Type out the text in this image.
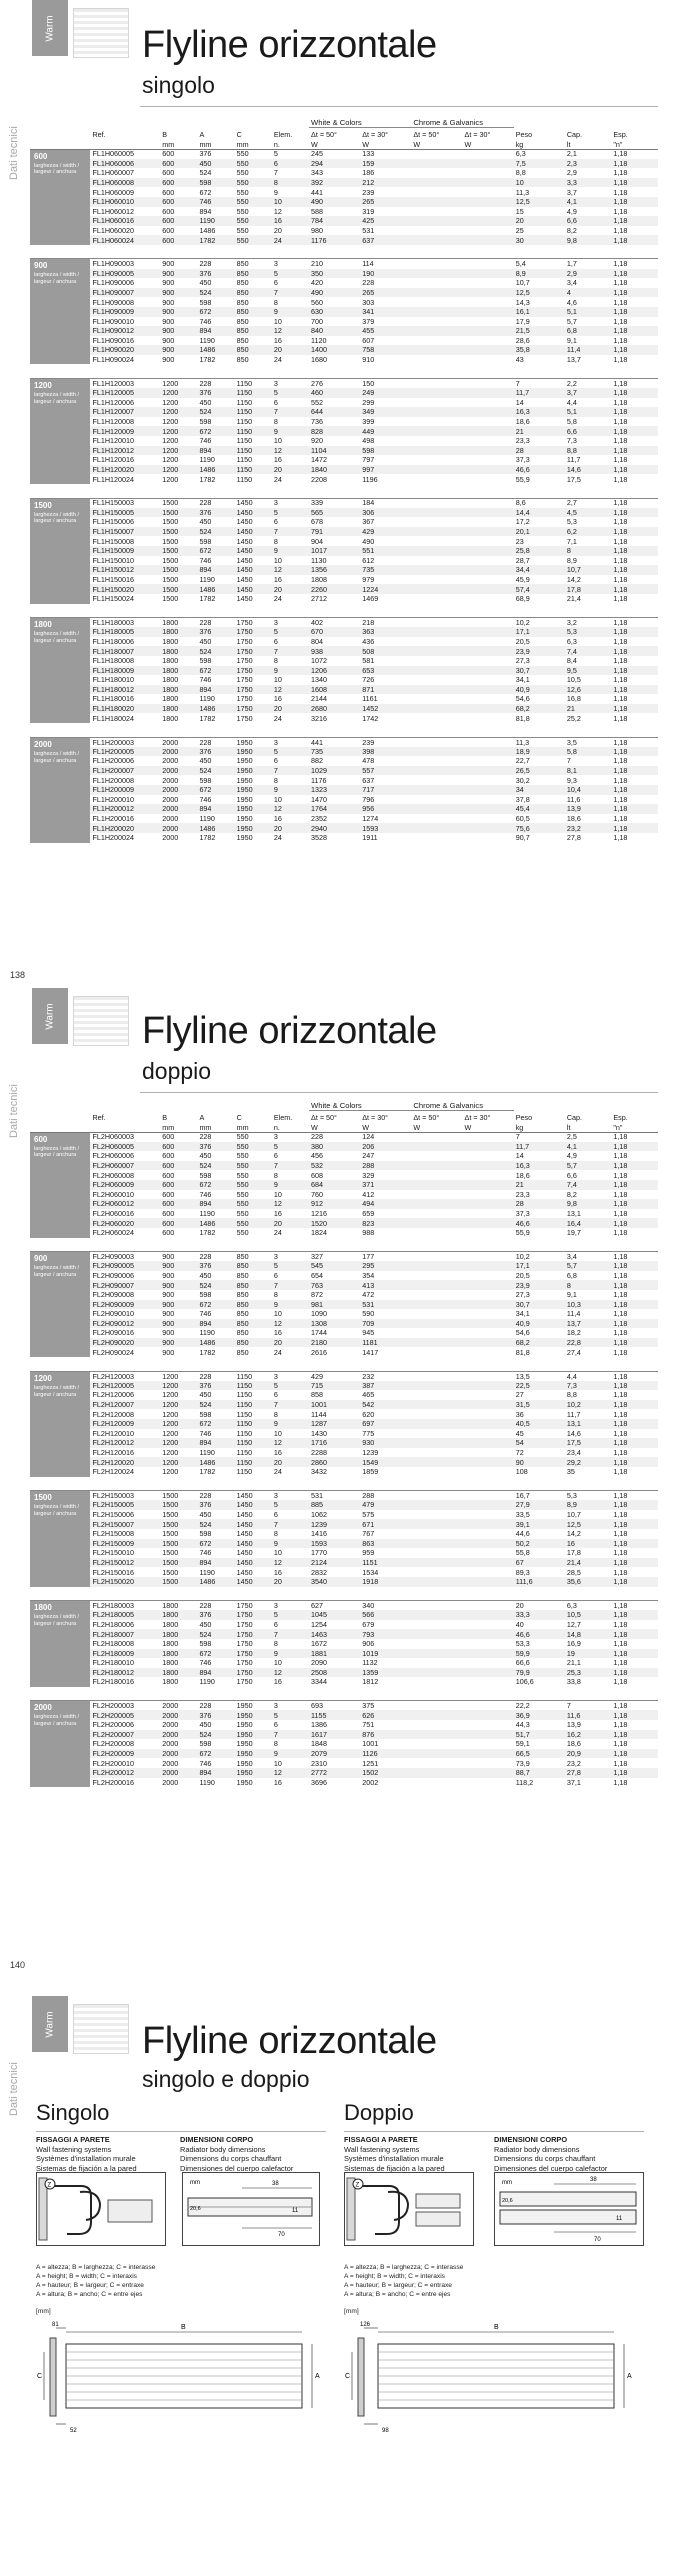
Warm
Dati tecnici
Flyline orizzontale
singolo
						White & Colors		Chrome & Galvanics				
	Ref.	B	A	C	Elem.	Δt = 50°	Δt = 30°	Δt = 50°	Δt = 30°	Peso	Cap.	Esp.
		mm	mm	mm	n.	W	W	W	W	kg	lt	"n"

600
larghezza / width / largeur / anchura	FL1H060005	600	376	550	5	245	133			6,3	2,1	1,18
	FL1H060006	600	450	550	6	294	159			7,5	2,3	1,18
	FL1H060007	600	524	550	7	343	186			8,8	2,9	1,18
	FL1H060008	600	598	550	8	392	212			10	3,3	1,18
	FL1H060009	600	672	550	9	441	239			11,3	3,7	1,18
	FL1H060010	600	746	550	10	490	265			12,5	4,1	1,18
	FL1H060012	600	894	550	12	588	319			15	4,9	1,18
	FL1H060016	600	1190	550	16	784	425			20	6,6	1,18
	FL1H060020	600	1486	550	20	980	531			25	8,2	1,18
	FL1H060024	600	1782	550	24	1176	637			30	9,8	1,18

900
larghezza / width / largeur / anchura	FL1H090003	900	228	850	3	210	114			5,4	1,7	1,18
	FL1H090005	900	376	850	5	350	190			8,9	2,9	1,18
	FL1H090006	900	450	850	6	420	228			10,7	3,4	1,18
	FL1H090007	900	524	850	7	490	265			12,5	4	1,18
	FL1H090008	900	598	850	8	560	303			14,3	4,6	1,18
	FL1H090009	900	672	850	9	630	341			16,1	5,1	1,18
	FL1H090010	900	746	850	10	700	379			17,9	5,7	1,18
	FL1H090012	900	894	850	12	840	455			21,5	6,8	1,18
	FL1H090016	900	1190	850	16	1120	607			28,6	9,1	1,18
	FL1H090020	900	1486	850	20	1400	758			35,8	11,4	1,18
	FL1H090024	900	1782	850	24	1680	910			43	13,7	1,18

1200
larghezza / width / largeur / anchura	FL1H120003	1200	228	1150	3	276	150			7	2,2	1,18
	FL1H120005	1200	376	1150	5	460	249			11,7	3,7	1,18
	FL1H120006	1200	450	1150	6	552	299			14	4,4	1,18
	FL1H120007	1200	524	1150	7	644	349			16,3	5,1	1,18
	FL1H120008	1200	598	1150	8	736	399			18,6	5,8	1,18
	FL1H120009	1200	672	1150	9	828	449			21	6,6	1,18
	FL1H120010	1200	746	1150	10	920	498			23,3	7,3	1,18
	FL1H120012	1200	894	1150	12	1104	598			28	8,8	1,18
	FL1H120016	1200	1190	1150	16	1472	797			37,3	11,7	1,18
	FL1H120020	1200	1486	1150	20	1840	997			46,6	14,6	1,18
	FL1H120024	1200	1782	1150	24	2208	1196			55,9	17,5	1,18

1500
larghezza / width / largeur / anchura	FL1H150003	1500	228	1450	3	339	184			8,6	2,7	1,18
	FL1H150005	1500	376	1450	5	565	306			14,4	4,5	1,18
	FL1H150006	1500	450	1450	6	678	367			17,2	5,3	1,18
	FL1H150007	1500	524	1450	7	791	429			20,1	6,2	1,18
	FL1H150008	1500	598	1450	8	904	490			23	7,1	1,18
	FL1H150009	1500	672	1450	9	1017	551			25,8	8	1,18
	FL1H150010	1500	746	1450	10	1130	612			28,7	8,9	1,18
	FL1H150012	1500	894	1450	12	1356	735			34,4	10,7	1,18
	FL1H150016	1500	1190	1450	16	1808	979			45,9	14,2	1,18
	FL1H150020	1500	1486	1450	20	2260	1224			57,4	17,8	1,18
	FL1H150024	1500	1782	1450	24	2712	1469			68,9	21,4	1,18

1800
larghezza / width / largeur / anchura	FL1H180003	1800	228	1750	3	402	218			10,2	3,2	1,18
	FL1H180005	1800	376	1750	5	670	363			17,1	5,3	1,18
	FL1H180006	1800	450	1750	6	804	436			20,5	6,3	1,18
	FL1H180007	1800	524	1750	7	938	508			23,9	7,4	1,18
	FL1H180008	1800	598	1750	8	1072	581			27,3	8,4	1,18
	FL1H180009	1800	672	1750	9	1206	653			30,7	9,5	1,18
	FL1H180010	1800	746	1750	10	1340	726			34,1	10,5	1,18
	FL1H180012	1800	894	1750	12	1608	871			40,9	12,6	1,18
	FL1H180016	1800	1190	1750	16	2144	1161			54,6	16,8	1,18
	FL1H180020	1800	1486	1750	20	2680	1452			68,2	21	1,18
	FL1H180024	1800	1782	1750	24	3216	1742			81,8	25,2	1,18

2000
larghezza / width / largeur / anchura	FL1H200003	2000	228	1950	3	441	239			11,3	3,5	1,18
	FL1H200005	2000	376	1950	5	735	398			18,9	5,8	1,18
	FL1H200006	2000	450	1950	6	882	478			22,7	7	1,18
	FL1H200007	2000	524	1950	7	1029	557			26,5	8,1	1,18
	FL1H200008	2000	598	1950	8	1176	637			30,2	9,3	1,18
	FL1H200009	2000	672	1950	9	1323	717			34	10,4	1,18
	FL1H200010	2000	746	1950	10	1470	796			37,8	11,6	1,18
	FL1H200012	2000	894	1950	12	1764	956			45,4	13,9	1,18
	FL1H200016	2000	1190	1950	16	2352	1274			60,5	18,6	1,18
	FL1H200020	2000	1486	1950	20	2940	1593			75,6	23,2	1,18
	FL1H200024	2000	1782	1950	24	3528	1911			90,7	27,8	1,18
138
Warm
Dati tecnici
Flyline orizzontale
doppio
						White & Colors		Chrome & Galvanics				
	Ref.	B	A	C	Elem.	Δt = 50°	Δt = 30°	Δt = 50°	Δt = 30°	Peso	Cap.	Esp.
		mm	mm	mm	n.	W	W	W	W	kg	lt	"n"

600
larghezza / width / largeur / anchura	FL2H060003	600	228	550	3	228	124			7	2,5	1,18
	FL2H060005	600	376	550	5	380	206			11,7	4,1	1,18
	FL2H060006	600	450	550	6	456	247			14	4,9	1,18
	FL2H060007	600	524	550	7	532	288			16,3	5,7	1,18
	FL2H060008	600	598	550	8	608	329			18,6	6,6	1,18
	FL2H060009	600	672	550	9	684	371			21	7,4	1,18
	FL2H060010	600	746	550	10	760	412			23,3	8,2	1,18
	FL2H060012	600	894	550	12	912	494			28	9,8	1,18
	FL2H060016	600	1190	550	16	1216	659			37,3	13,1	1,18
	FL2H060020	600	1486	550	20	1520	823			46,6	16,4	1,18
	FL2H060024	600	1782	550	24	1824	988			55,9	19,7	1,18

900
larghezza / width / largeur / anchura	FL2H090003	900	228	850	3	327	177			10,2	3,4	1,18
	FL2H090005	900	376	850	5	545	295			17,1	5,7	1,18
	FL2H090006	900	450	850	6	654	354			20,5	6,8	1,18
	FL2H090007	900	524	850	7	763	413			23,9	8	1,18
	FL2H090008	900	598	850	8	872	472			27,3	9,1	1,18
	FL2H090009	900	672	850	9	981	531			30,7	10,3	1,18
	FL2H090010	900	746	850	10	1090	590			34,1	11,4	1,18
	FL2H090012	900	894	850	12	1308	709			40,9	13,7	1,18
	FL2H090016	900	1190	850	16	1744	945			54,6	18,2	1,18
	FL2H090020	900	1486	850	20	2180	1181			68,2	22,8	1,18
	FL2H090024	900	1782	850	24	2616	1417			81,8	27,4	1,18

1200
larghezza / width / largeur / anchura	FL2H120003	1200	228	1150	3	429	232			13,5	4,4	1,18
	FL2H120005	1200	376	1150	5	715	387			22,5	7,3	1,18
	FL2H120006	1200	450	1150	6	858	465			27	8,8	1,18
	FL2H120007	1200	524	1150	7	1001	542			31,5	10,2	1,18
	FL2H120008	1200	598	1150	8	1144	620			36	11,7	1,18
	FL2H120009	1200	672	1150	9	1287	697			40,5	13,1	1,18
	FL2H120010	1200	746	1150	10	1430	775			45	14,6	1,18
	FL2H120012	1200	894	1150	12	1716	930			54	17,5	1,18
	FL2H120016	1200	1190	1150	16	2288	1239			72	23,4	1,18
	FL2H120020	1200	1486	1150	20	2860	1549			90	29,2	1,18
	FL2H120024	1200	1782	1150	24	3432	1859			108	35	1,18

1500
larghezza / width / largeur / anchura	FL2H150003	1500	228	1450	3	531	288			16,7	5,3	1,18
	FL2H150005	1500	376	1450	5	885	479			27,9	8,9	1,18
	FL2H150006	1500	450	1450	6	1062	575			33,5	10,7	1,18
	FL2H150007	1500	524	1450	7	1239	671			39,1	12,5	1,18
	FL2H150008	1500	598	1450	8	1416	767			44,6	14,2	1,18
	FL2H150009	1500	672	1450	9	1593	863			50,2	16	1,18
	FL2H150010	1500	746	1450	10	1770	959			55,8	17,8	1,18
	FL2H150012	1500	894	1450	12	2124	1151			67	21,4	1,18
	FL2H150016	1500	1190	1450	16	2832	1534			89,3	28,5	1,18
	FL2H150020	1500	1486	1450	20	3540	1918			111,6	35,6	1,18

1800
larghezza / width / largeur / anchura	FL2H180003	1800	228	1750	3	627	340			20	6,3	1,18
	FL2H180005	1800	376	1750	5	1045	566			33,3	10,5	1,18
	FL2H180006	1800	450	1750	6	1254	679			40	12,7	1,18
	FL2H180007	1800	524	1750	7	1463	793			46,6	14,8	1,18
	FL2H180008	1800	598	1750	8	1672	906			53,3	16,9	1,18
	FL2H180009	1800	672	1750	9	1881	1019			59,9	19	1,18
	FL2H180010	1800	746	1750	10	2090	1132			66,6	21,1	1,18
	FL2H180012	1800	894	1750	12	2508	1359			79,9	25,3	1,18
	FL2H180016	1800	1190	1750	16	3344	1812			106,6	33,8	1,18

2000
larghezza / width / largeur / anchura	FL2H200003	2000	228	1950	3	693	375			22,2	7	1,18
	FL2H200005	2000	376	1950	5	1155	626			36,9	11,6	1,18
	FL2H200006	2000	450	1950	6	1386	751			44,3	13,9	1,18
	FL2H200007	2000	524	1950	7	1617	876			51,7	16,2	1,18
	FL2H200008	2000	598	1950	8	1848	1001			59,1	18,6	1,18
	FL2H200009	2000	672	1950	9	2079	1126			66,5	20,9	1,18
	FL2H200010	2000	746	1950	10	2310	1251			73,9	23,2	1,18
	FL2H200012	2000	894	1950	12	2772	1502			88,7	27,8	1,18
	FL2H200016	2000	1190	1950	16	3696	2002			118,2	37,1	1,18
140
Warm
Dati tecnici
Flyline orizzontale
singolo e doppio
Singolo
FISSAGGI A PARETE
Wall fastening systems
Systèmes d'installation murale
Sistemas de fijación a la pared
DIMENSIONI CORPO
Radiator body dimensions
Dimensions du corps chauffant
Dimensiones del cuerpo calefactor
Z	mm
20,6
38
11
70
A = altezza; B = larghezza; C = interasse
A = height; B = width; C = interaxis
A = hauteur; B = largeur; C = entraxe
A = altura; B = ancho; C = entre ejes
[mm]
81	B
A
C
52
Doppio
FISSAGGI A PARETE
Wall fastening systems
Systèmes d'installation murale
Sistemas de fijación a la pared
DIMENSIONI CORPO
Radiator body dimensions
Dimensions du corps chauffant
Dimensiones del cuerpo calefactor
Z	mm
20,6
38
11
70
A = altezza; B = larghezza; C = interasse
A = height; B = width; C = interaxis
A = hauteur; B = largeur; C = entraxe
A = altura; B = ancho; C = entre ejes
[mm]
126	B
A
C
98
